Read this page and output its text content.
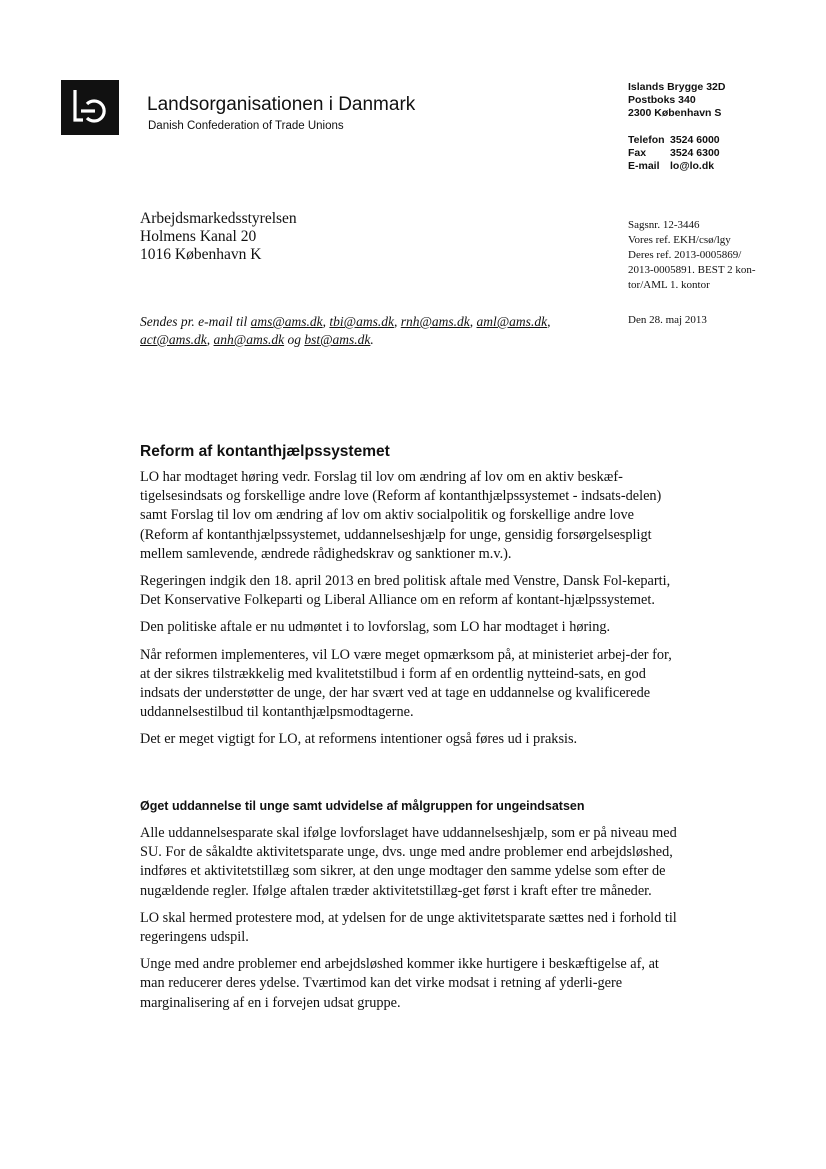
Landsorganisationen i Danmark
Danish Confederation of Trade Unions
Islands Brygge 32D
Postboks 340
2300 København S
Telefon 3524 6000
Fax 3524 6300
E-mail lo@lo.dk
Arbejdsmarkedsstyrelsen
Holmens Kanal 20
1016 København K
Sagsnr. 12-3446
Vores ref. EKH/csø/lgy
Deres ref. 2013-0005869/
2013-0005891. BEST 2 kon-
tor/AML 1. kontor
Sendes pr. e-mail til ams@ams.dk, tbi@ams.dk, rnh@ams.dk, aml@ams.dk, act@ams.dk, anh@ams.dk og bst@ams.dk.
Den 28. maj 2013
Reform af kontanthjælpssystemet

LO har modtaget høring vedr. Forslag til lov om ændring af lov om en aktiv beskæf-tigelsesindsats og forskellige andre love (Reform af kontanthjælpssystemet - indsats-delen) samt Forslag til lov om ændring af lov om aktiv socialpolitik og forskellige andre love (Reform af kontanthjælpssystemet, uddannelseshjælp for unge, gensidig forsørgelsespligt mellem samlevende, ændrede rådighedskrav og sanktioner m.v.).

Regeringen indgik den 18. april 2013 en bred politisk aftale med Venstre, Dansk Fol-keparti, Det Konservative Folkeparti og Liberal Alliance om en reform af kontant-hjælpssystemet.

Den politiske aftale er nu udmøntet i to lovforslag, som LO har modtaget i høring.

Når reformen implementeres, vil LO være meget opmærksom på, at ministeriet arbej-der for, at der sikres tilstrækkelig med kvalitetstilbud i form af en ordentlig nytteind-sats, en god indsats der understøtter de unge, der har svært ved at tage en uddannelse og kvalificerede uddannelsestilbud til kontanthjælpsmodtagerne.

Det er meget vigtigt for LO, at reformens intentioner også føres ud i praksis.

Øget uddannelse til unge samt udvidelse af målgruppen for ungeindsatsen

Alle uddannelsesparate skal ifølge lovforslaget have uddannelseshjælp, som er på niveau med SU. For de såkaldte aktivitetsparate unge, dvs. unge med andre problemer end arbejdsløshed, indføres et aktivitetstillæg som sikrer, at den unge modtager den samme ydelse som efter de nugældende regler. Ifølge aftalen træder aktivitetstillæg-get først i kraft efter tre måneder.

LO skal hermed protestere mod, at ydelsen for de unge aktivitetsparate sættes ned i forhold til regeringens udspil.

Unge med andre problemer end arbejdsløshed kommer ikke hurtigere i beskæftigelse af, at man reducerer deres ydelse. Tværtimod kan det virke modsat i retning af yderli-gere marginalisering af en i forvejen udsat gruppe.
